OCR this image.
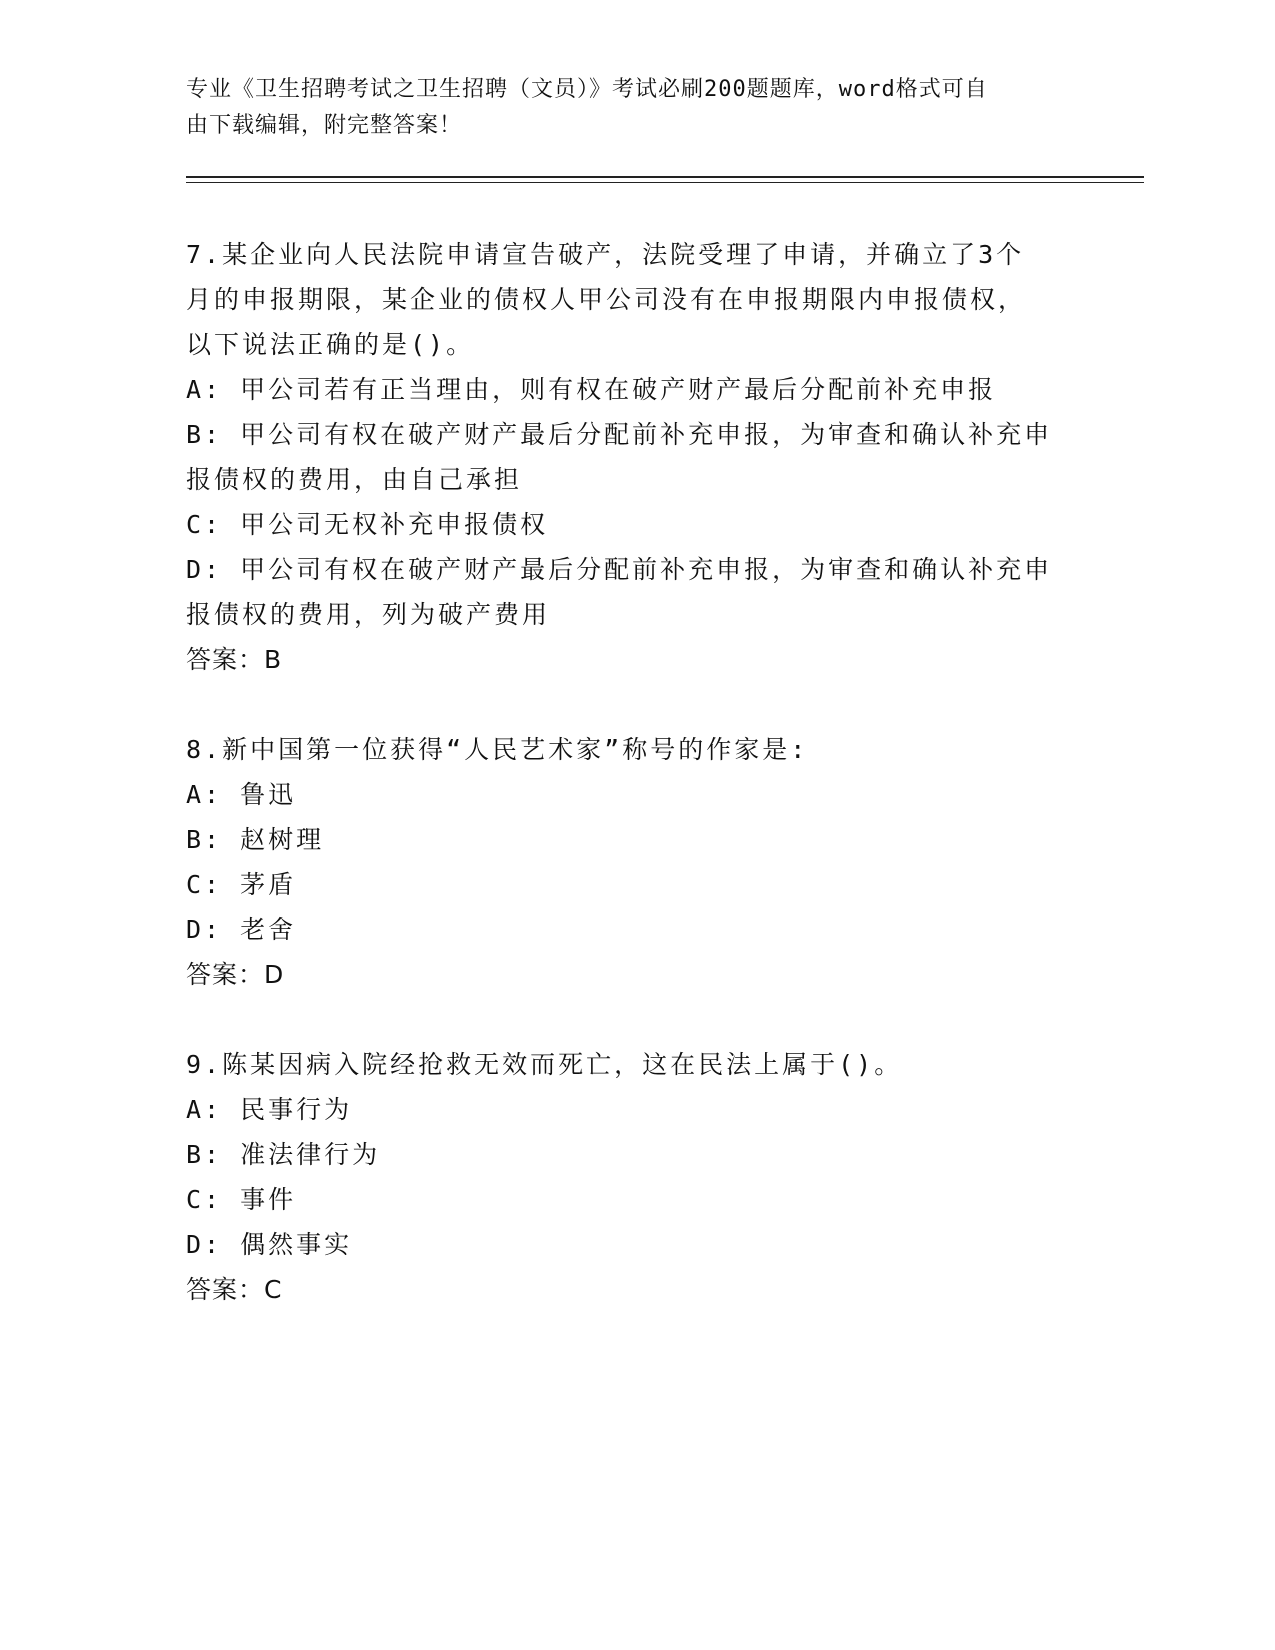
专业《卫生招聘考试之卫生招聘（文员）》考试必刷200题题库，word格式可自

由下载编辑，附完整答案！

7.某企业向人民法院申请宣告破产，法院受理了申请，并确立了3个

月的申报期限，某企业的债权人甲公司没有在申报期限内申报债权，

以下说法正确的是()。

A: 甲公司若有正当理由，则有权在破产财产最后分配前补充申报

B: 甲公司有权在破产财产最后分配前补充申报，为审查和确认补充申

报债权的费用，由自己承担

C: 甲公司无权补充申报债权

D: 甲公司有权在破产财产最后分配前补充申报，为审查和确认补充申

报债权的费用，列为破产费用

答案：B

8.新中国第一位获得“人民艺术家”称号的作家是:

A: 鲁迅

B: 赵树理

C: 茅盾

D: 老舍

答案：D

9.陈某因病入院经抢救无效而死亡，这在民法上属于()。

A: 民事行为

B: 准法律行为

C: 事件

D: 偶然事实

答案：C
